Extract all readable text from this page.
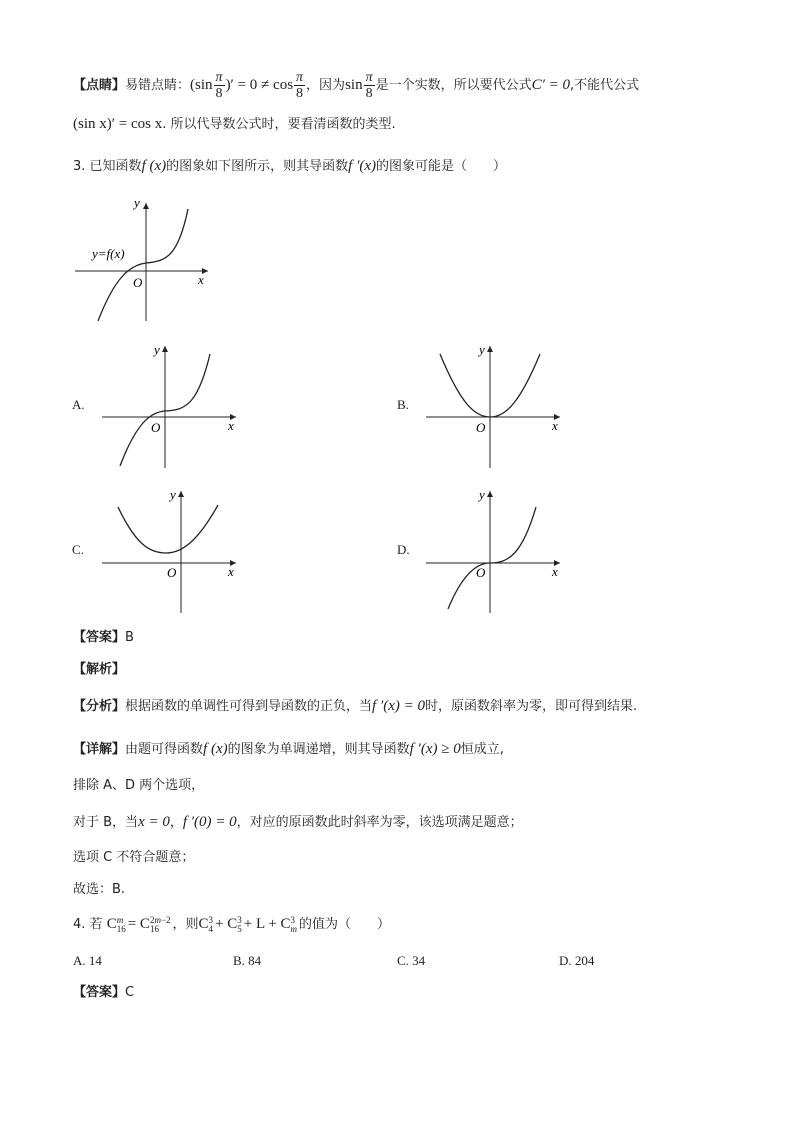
【点睛】易错点睛：($\sin \frac{\pi}{8}$ )′ = $0 \ne \cos \frac{\pi}{8}$ ，因为$\sin \frac{\pi}{8}$ 是一个实数，所以要代公式C′ = 0,不能代公式
(sin x)′ = cos x. 所以代导数公式时，要看清函数的类型.
3. 已知函数f (x)的图象如下图所示，则其导函数f ′(x)的图象可能是（　　）
y
x
O
y=f(x)
A.
y
x
O
B.
y
x
O
C.
y
x
O
D.
y
x
O
【答案】B
【解析】
【分析】根据函数的单调性可得到导函数的正负，当f ′(x) = 0时，原函数斜率为零，即可得到结果.
【详解】由题可得函数f (x)的图象为单调递增，则其导函数f ′(x) ≥ 0恒成立,
排除 A、D 两个选项，
对于 B，当x = 0，f ′(0) = 0，对应的原函数此时斜率为零，该选项满足题意；
选项 C 不符合题意；
故选：B.
4. 若 C m
16 = C 2m−2
16	，则C 3
4 + C 3
5 + L + C 3
m 的值为（　　）
A. 14	B. 84	C. 34	D. 204
【答案】C
